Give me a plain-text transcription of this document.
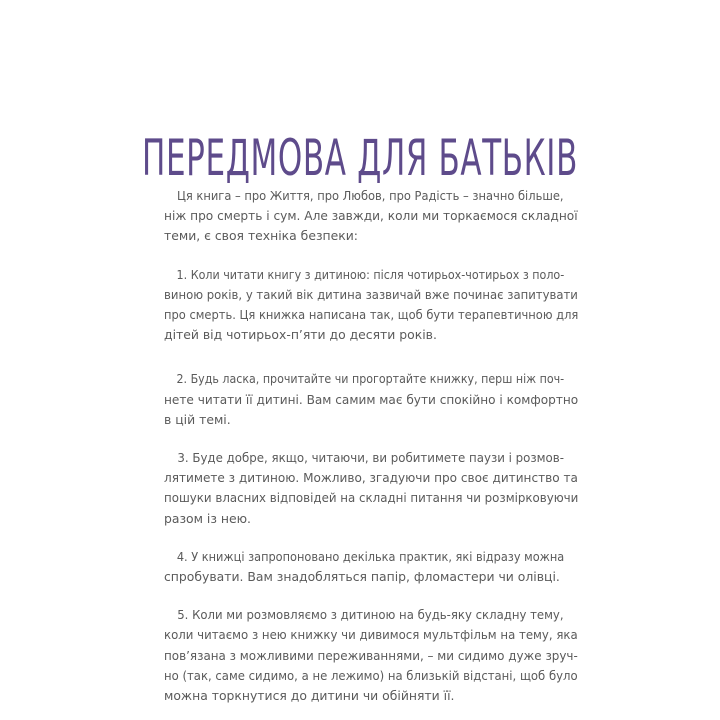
ПЕРЕДМОВА ДЛЯ БАТЬКІВ

Ця книга – про Життя, про Любов, про Радість – значно більше,
ніж про смерть і сум. Але завжди, коли ми торкаємося складної
теми, є своя техніка безпеки:

1. Коли читати книгу з дитиною: після чотирьох-чотирьох з поло-
виною років, у такий вік дитина зазвичай вже починає запитувати
про смерть. Ця книжка написана так, щоб бути терапевтичною для
дітей від чотирьох-п’яти до десяти років.

2. Будь ласка, прочитайте чи прогортайте книжку, перш ніж поч-
нете читати її дитині. Вам самим має бути спокійно і комфортно
в цій темі.

3. Буде добре, якщо, читаючи, ви робитимете паузи і розмов-
лятимете з дитиною. Можливо, згадуючи про своє дитинство та
пошуки власних відповідей на складні питання чи розмірковуючи
разом із нею.

4. У книжці запропоновано декілька практик, які відразу можна
спробувати. Вам знадобляться папір, фломастери чи олівці.

5. Коли ми розмовляємо з дитиною на будь-яку складну тему,
коли читаємо з нею книжку чи дивимося мультфільм на тему, яка
пов’язана з можливими переживаннями, – ми сидимо дуже зруч-
но (так, саме сидимо, а не лежимо) на близькій відстані, щоб було
можна торкнутися до дитини чи обійняти її.
